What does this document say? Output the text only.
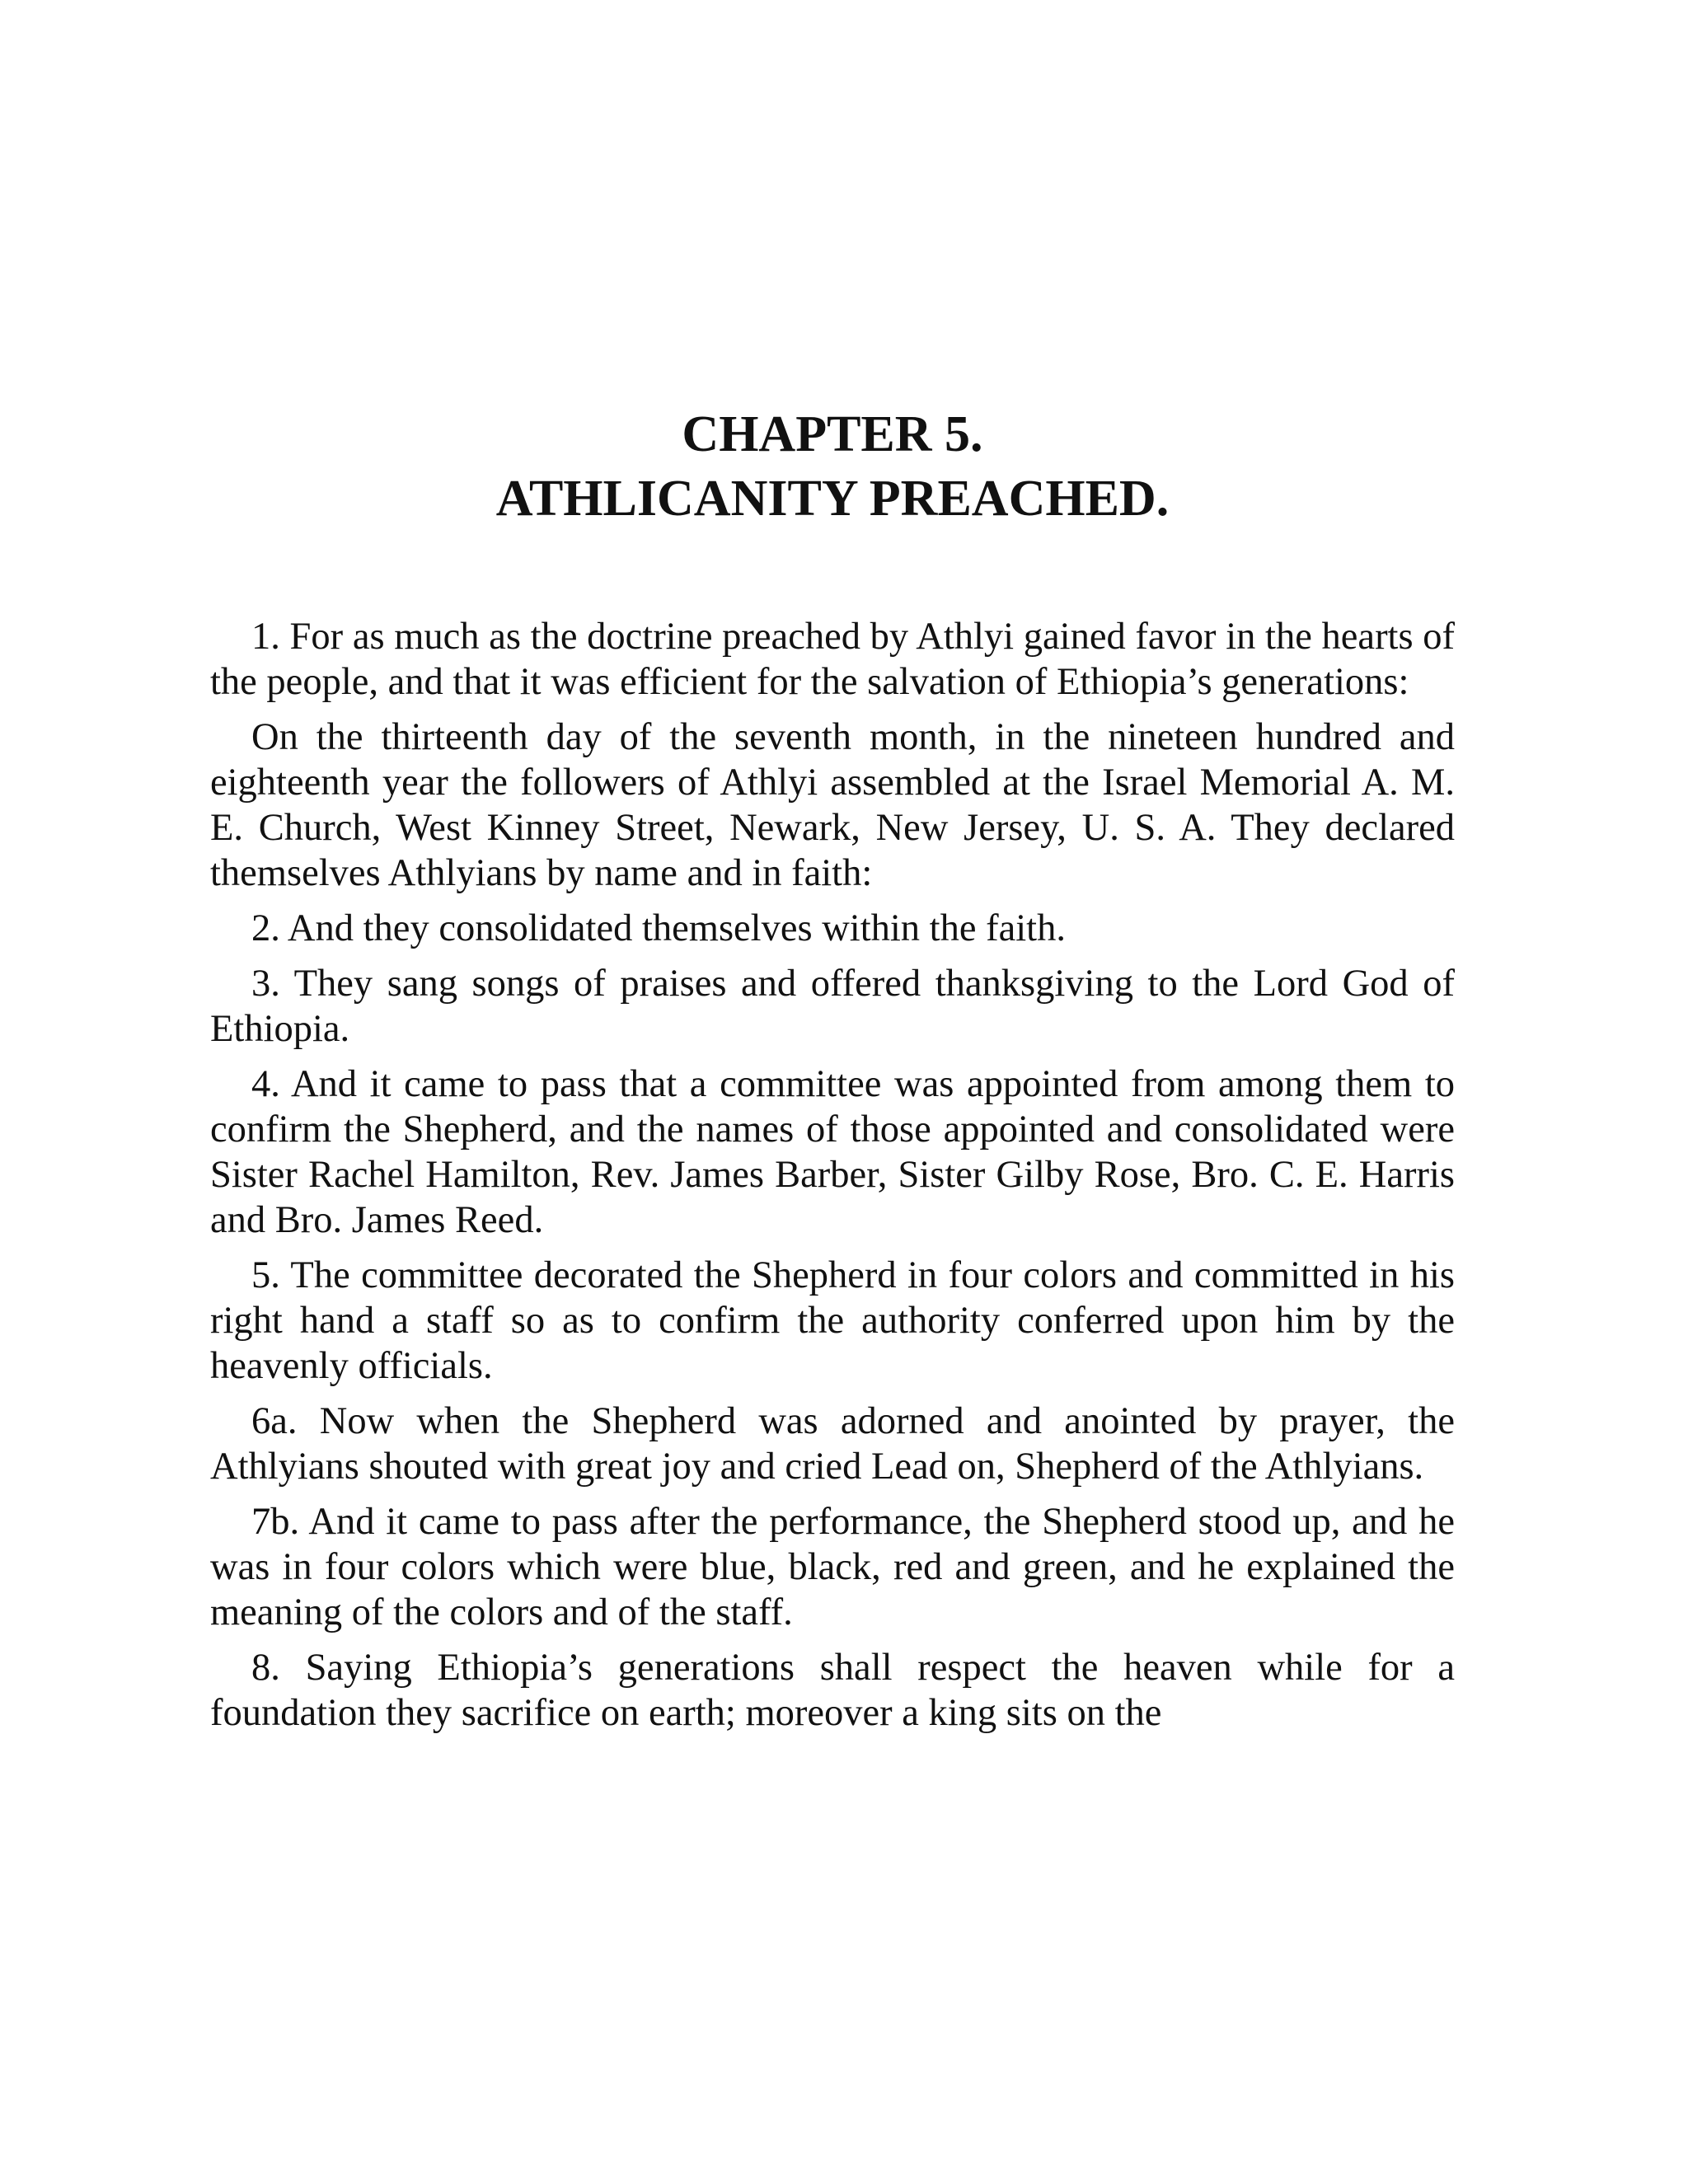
CHAPTER 5.
ATHLICANITY PREACHED.

1. For as much as the doctrine preached by Athlyi gained favor in the hearts of the people, and that it was efficient for the salvation of Ethiopia’s generations:

On the thirteenth day of the seventh month, in the nineteen hundred and eighteenth year the followers of Athlyi assembled at the Israel Memorial A. M. E. Church, West Kinney Street, Newark, New Jersey, U. S. A. They declared themselves Athlyians by name and in faith:

2. And they consolidated themselves within the faith.

3. They sang songs of praises and offered thanksgiving to the Lord God of Ethiopia.

4. And it came to pass that a committee was appointed from among them to confirm the Shepherd, and the names of those appointed and consolidated were Sister Rachel Hamilton, Rev. James Barber, Sister Gilby Rose, Bro. C. E. Harris and Bro. James Reed.

5. The committee decorated the Shepherd in four colors and committed in his right hand a staff so as to confirm the authority conferred upon him by the heavenly officials.

6a. Now when the Shepherd was adorned and anointed by prayer, the Athlyians shouted with great joy and cried Lead on, Shepherd of the Athlyians.

7b. And it came to pass after the performance, the Shepherd stood up, and he was in four colors which were blue, black, red and green, and he explained the meaning of the colors and of the staff.

8. Saying Ethiopia’s generations shall respect the heaven while for a foundation they sacrifice on earth; moreover a king sits on the
